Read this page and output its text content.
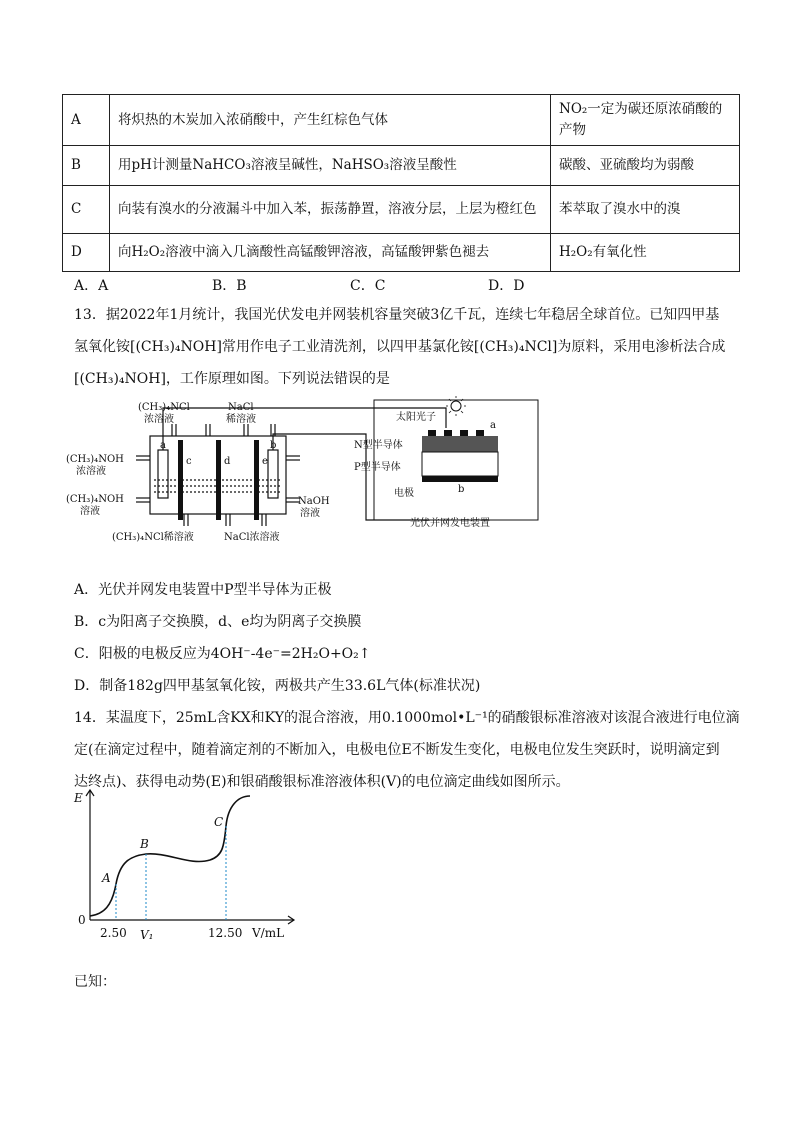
A	将炽热的木炭加入浓硝酸中，产生红棕色气体	NO₂一定为碳还原浓硝酸的产物
B	用pH计测量NaHCO₃溶液呈碱性，NaHSO₃溶液呈酸性	碳酸、亚硫酸均为弱酸
C	向装有溴水的分液漏斗中加入苯，振荡静置，溶液分层，上层为橙红色	苯萃取了溴水中的溴
D	向H₂O₂溶液中滴入几滴酸性高锰酸钾溶液，高锰酸钾紫色褪去	H₂O₂有氧化性
A．A	B．B	C．C	D．D
13．据2022年1月统计，我国光伏发电并网装机容量突破3亿千瓦，连续七年稳居全球首位。已知四甲基
氢氧化铵[(CH₃)₄NOH]常用作电子工业清洗剂，以四甲基氯化铵[(CH₃)₄NCl]为原料，采用电渗析法合成
[(CH₃)₄NOH]，工作原理如图。下列说法错误的是
(CH₃)₄NCl
浓溶液
NaCl
稀溶液
(CH₃)₄NOH
浓溶液
(CH₃)₄NOH
溶液
NaOH
溶液
(CH₃)₄NCl稀溶液	NaCl浓溶液
a	b
c	d	e
太阳光子
N型半导体
P型半导体
电极
光伏并网发电装置
a
b
A．光伏并网发电装置中P型半导体为正极
B．c为阳离子交换膜，d、e均为阴离子交换膜
C．阳极的电极反应为4OH⁻-4e⁻=2H₂O+O₂↑
D．制备182g四甲基氢氧化铵，两极共产生33.6L气体(标准状况)
14．某温度下，25mL含KX和KY的混合溶液，用0.1000mol•L⁻¹的硝酸银标准溶液对该混合液进行电位滴
定(在滴定过程中，随着滴定剂的不断加入，电极电位E不断发生变化，电极电位发生突跃时，说明滴定到
达终点)、获得电动势(E)和银硝酸银标准溶液体积(V)的电位滴定曲线如图所示。
E
0
2.50 V₁	12.50 V/mL
A
B
C
已知：
